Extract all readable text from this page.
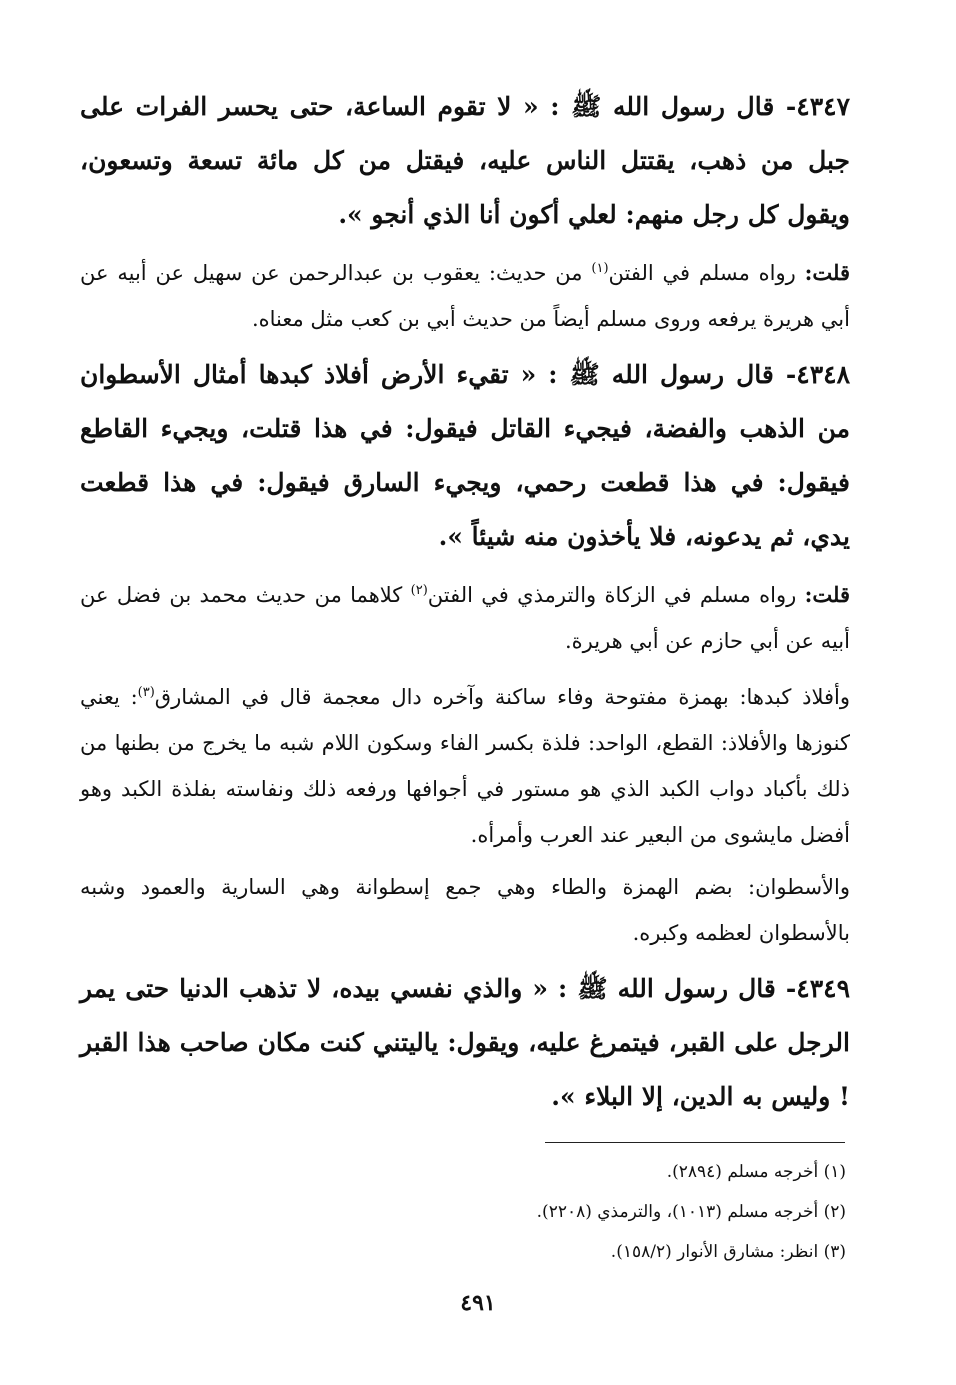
٤٣٤٧- قال رسول الله ﷺ : « لا تقوم الساعة، حتى يحسر الفرات على جبل من ذهب، يقتتل الناس عليه، فيقتل من كل مائة تسعة وتسعون، ويقول كل رجل منهم: لعلي أكون أنا الذي أنجو ».

قلت: رواه مسلم في الفتن$^{(١)}$ من حديث: يعقوب بن عبدالرحمن عن سهيل عن أبيه عن أبي هريرة يرفعه وروى مسلم أيضاً من حديث أبي بن كعب مثل معناه.

٤٣٤٨- قال رسول الله ﷺ : « تقيء الأرض أفلاذ كبدها أمثال الأسطوان من الذهب والفضة، فيجيء القاتل فيقول: في هذا قتلت، ويجيء القاطع فيقول: في هذا قطعت رحمي، ويجيء السارق فيقول: في هذا قطعت يدي، ثم يدعونه، فلا يأخذون منه شيئاً ».

قلت: رواه مسلم في الزكاة والترمذي في الفتن$^{(٢)}$ كلاهما من حديث محمد بن فضل عن أبيه عن أبي حازم عن أبي هريرة.

وأفلاذ كبدها: بهمزة مفتوحة وفاء ساكنة وآخره دال معجمة قال في المشارق$^{(٣)}$: يعني كنوزها والأفلاذ: القطع، الواحد: فلذة بكسر الفاء وسكون اللام شبه ما يخرج من بطنها من ذلك بأكباد دواب الكبد الذي هو مستور في أجوافها ورفعه ذلك ونفاسته بفلذة الكبد وهو أفضل مايشوى من البعير عند العرب وأمرأه.

والأسطوان: بضم الهمزة والطاء وهي جمع إسطوانة وهي السارية والعمود وشبه بالأسطوان لعظمه وكبره.

٤٣٤٩- قال رسول الله ﷺ : « والذي نفسي بيده، لا تذهب الدنيا حتى يمر الرجل على القبر، فيتمرغ عليه، ويقول: ياليتني كنت مكان صاحب هذا القبر ! وليس به الدين، إلا البلاء ».

(١) أخرجه مسلم (٢٨٩٤).

(٢) أخرجه مسلم (١٠١٣)، والترمذي (٢٢٠٨).

(٣) انظر: مشارق الأنوار (١٥٨/٢).

٤٩١
